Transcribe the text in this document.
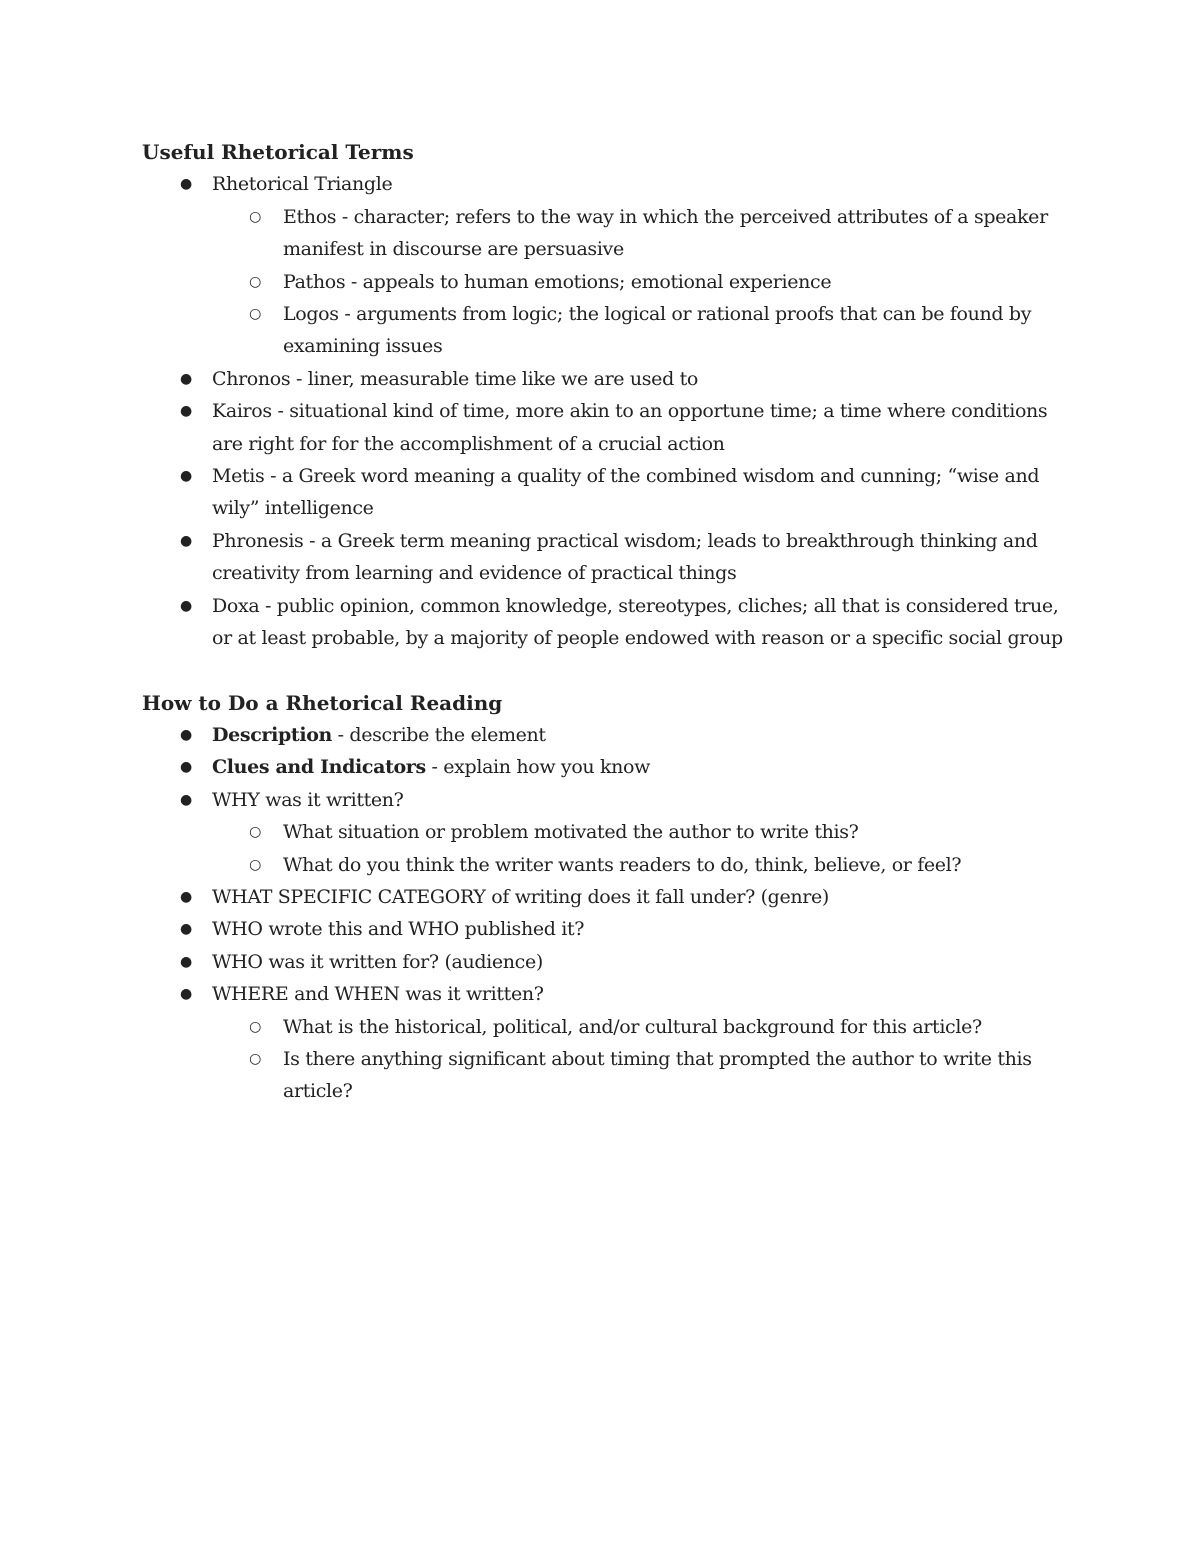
Useful Rhetorical Terms

● Rhetorical Triangle
○ Ethos - character; refers to the way in which the perceived attributes of a speaker manifest in discourse are persuasive
○ Pathos - appeals to human emotions; emotional experience
○ Logos - arguments from logic; the logical or rational proofs that can be found by examining issues
● Chronos - liner, measurable time like we are used to
● Kairos - situational kind of time, more akin to an opportune time; a time where conditions are right for for the accomplishment of a crucial action
● Metis - a Greek word meaning a quality of the combined wisdom and cunning; “wise and wily” intelligence
● Phronesis - a Greek term meaning practical wisdom; leads to breakthrough thinking and creativity from learning and evidence of practical things
● Doxa - public opinion, common knowledge, stereotypes, cliches; all that is considered true, or at least probable, by a majority of people endowed with reason or a specific social group

How to Do a Rhetorical Reading

● Description - describe the element
● Clues and Indicators - explain how you know
● WHY was it written?
○ What situation or problem motivated the author to write this?
○ What do you think the writer wants readers to do, think, believe, or feel?
● WHAT SPECIFIC CATEGORY of writing does it fall under? (genre)
● WHO wrote this and WHO published it?
● WHO was it written for? (audience)
● WHERE and WHEN was it written?
○ What is the historical, political, and/or cultural background for this article?
○ Is there anything significant about timing that prompted the author to write this article?
